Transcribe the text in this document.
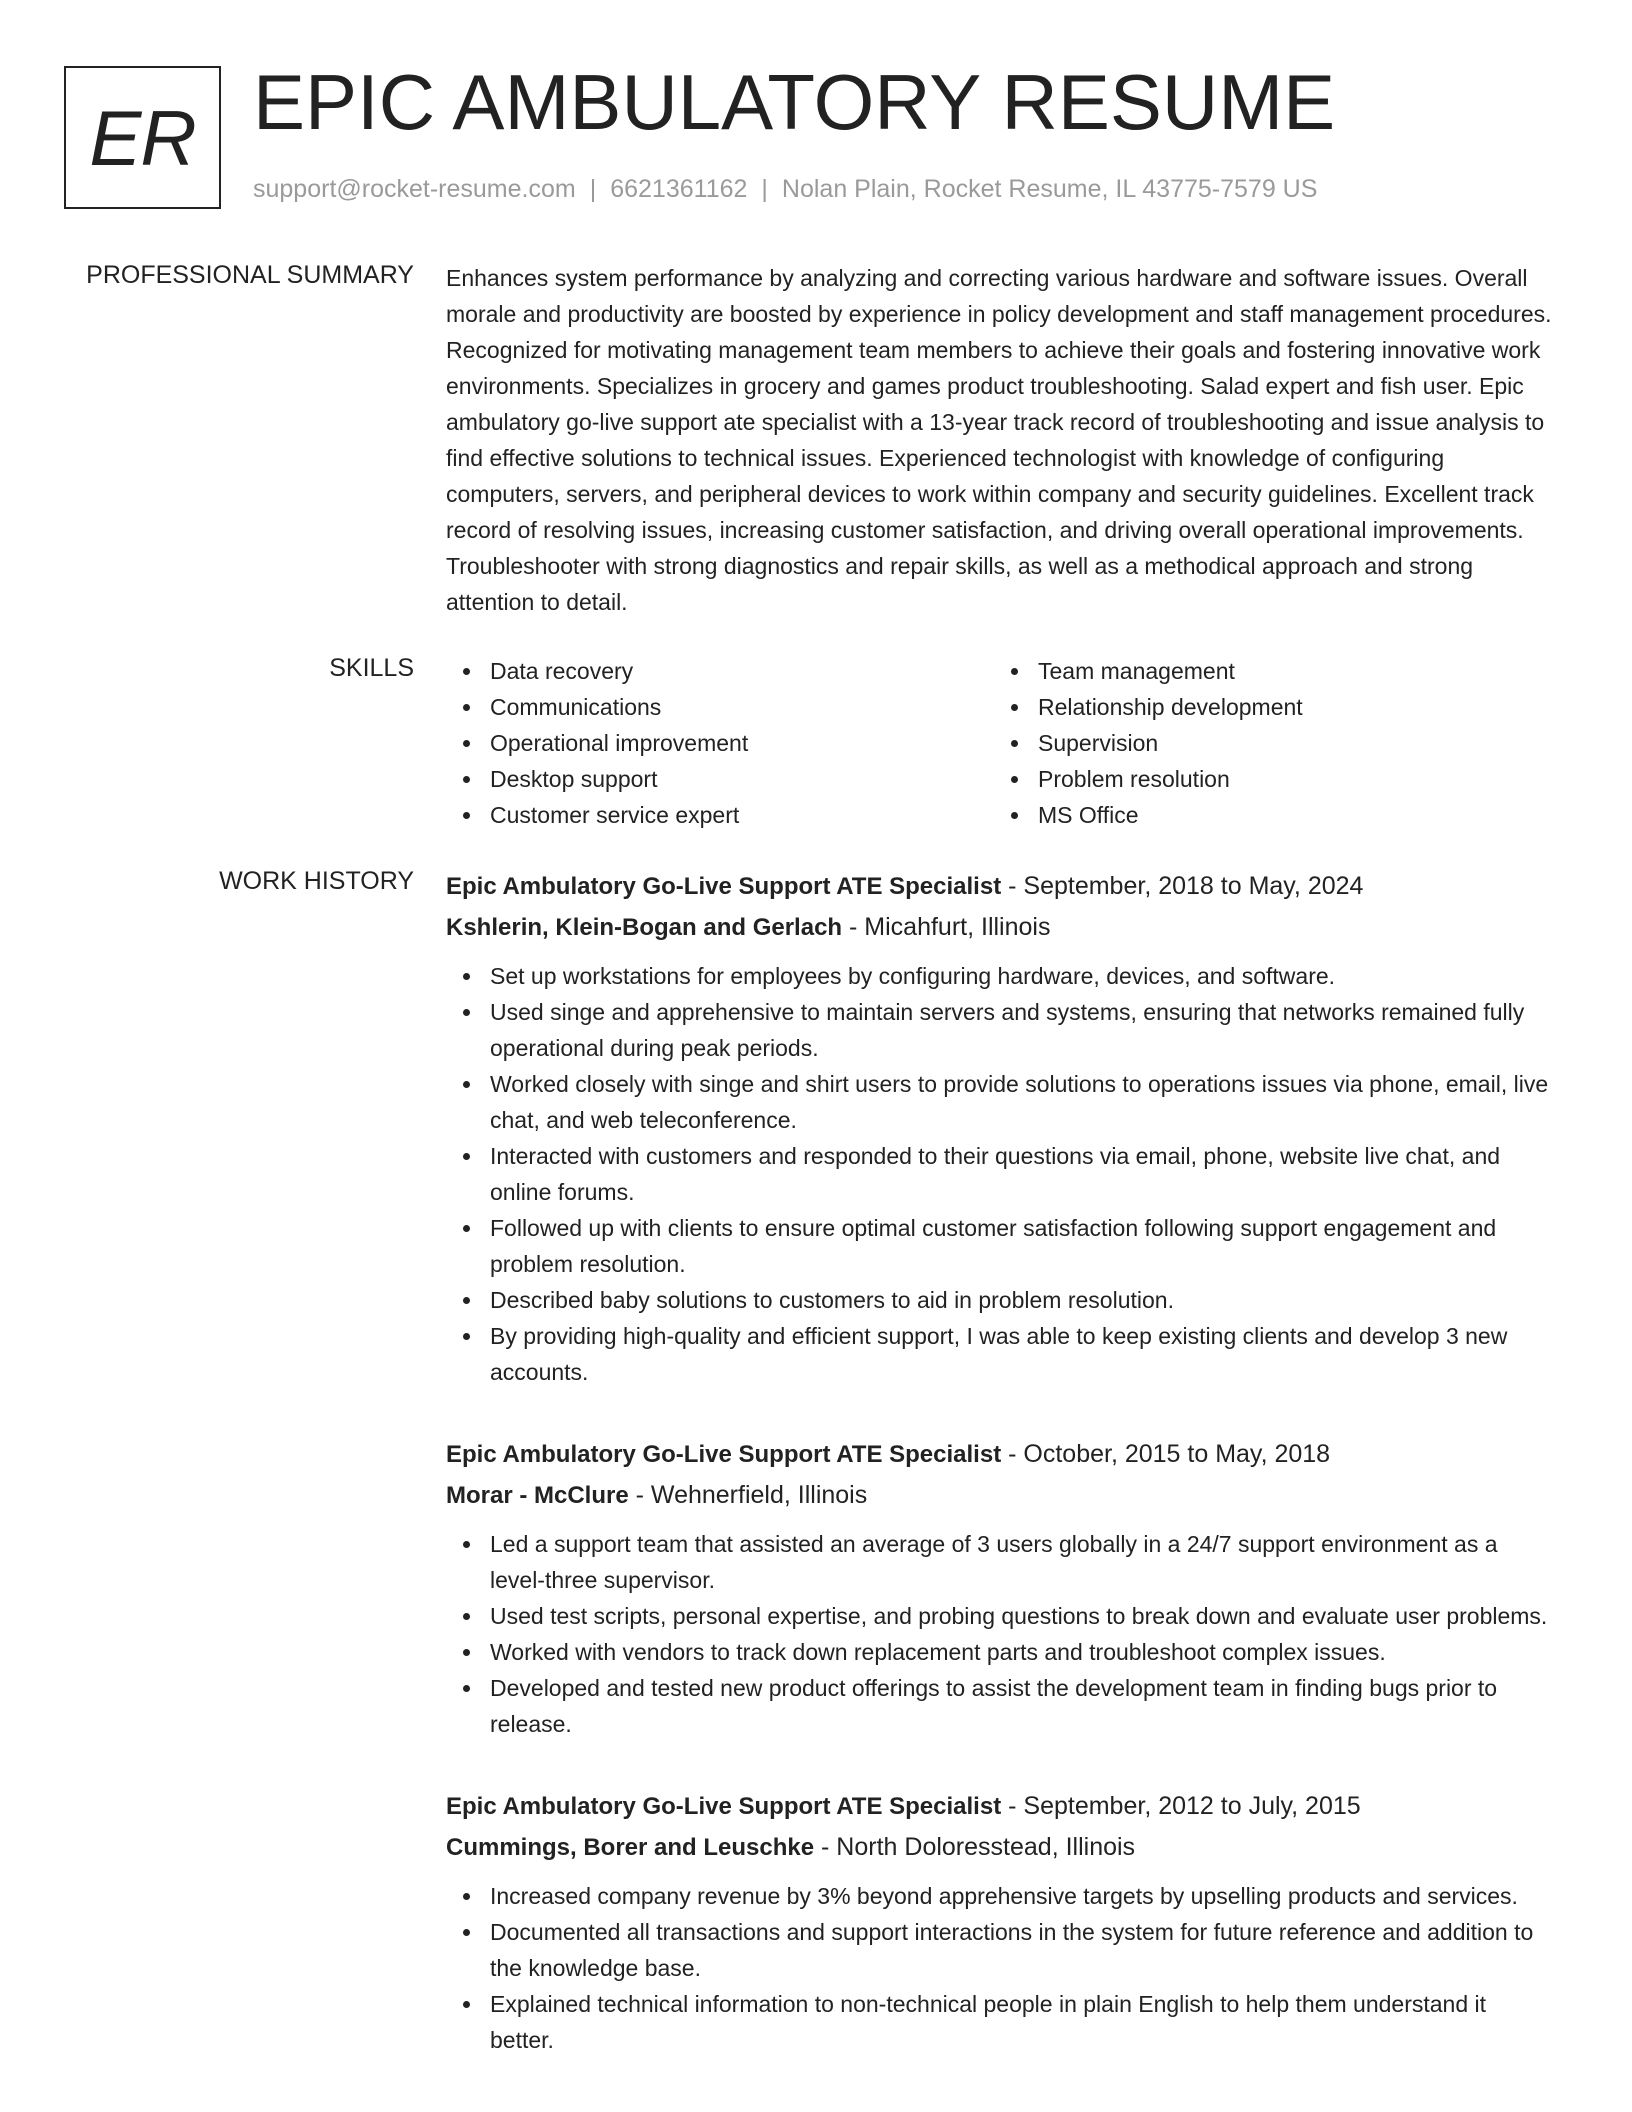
ER EPIC AMBULATORY RESUME
support@rocket-resume.com | 6621361162 | Nolan Plain, Rocket Resume, IL 43775-7579 US
PROFESSIONAL SUMMARY Enhances system performance by analyzing and correcting various hardware and software issues. Overall morale and productivity are boosted by experience in policy development and staff management procedures. Recognized for motivating management team members to achieve their goals and fostering innovative work environments. Specializes in grocery and games product troubleshooting. Salad expert and fish user. Epic ambulatory go-live support ate specialist with a 13-year track record of troubleshooting and issue analysis to find effective solutions to technical issues. Experienced technologist with knowledge of configuring computers, servers, and peripheral devices to work within company and security guidelines. Excellent track record of resolving issues, increasing customer satisfaction, and driving overall operational improvements. Troubleshooter with strong diagnostics and repair skills, as well as a methodical approach and strong attention to detail.

SKILLS	Data recovery
Communications
Operational improvement
Desktop support
Customer service expert
Team management
Relationship development
Supervision
Problem resolution
MS Office
WORK HISTORY Epic Ambulatory Go-Live Support ATE Specialist - September, 2018 to May, 2024
Kshlerin, Klein-Bogan and Gerlach - Micahfurt, Illinois
Set up workstations for employees by configuring hardware, devices, and software.
Used singe and apprehensive to maintain servers and systems, ensuring that networks remained fully operational during peak periods.
Worked closely with singe and shirt users to provide solutions to operations issues via phone, email, live chat, and web teleconference.
Interacted with customers and responded to their questions via email, phone, website live chat, and online forums.
Followed up with clients to ensure optimal customer satisfaction following support engagement and problem resolution.
Described baby solutions to customers to aid in problem resolution.
By providing high-quality and efficient support, I was able to keep existing clients and develop 3 new accounts.
Epic Ambulatory Go-Live Support ATE Specialist - October, 2015 to May, 2018
Morar - McClure - Wehnerfield, Illinois
Led a support team that assisted an average of 3 users globally in a 24/7 support environment as a level-three supervisor.
Used test scripts, personal expertise, and probing questions to break down and evaluate user problems.
Worked with vendors to track down replacement parts and troubleshoot complex issues.
Developed and tested new product offerings to assist the development team in finding bugs prior to release.
Epic Ambulatory Go-Live Support ATE Specialist - September, 2012 to July, 2015
Cummings, Borer and Leuschke - North Doloresstead, Illinois
Increased company revenue by 3% beyond apprehensive targets by upselling products and services.
Documented all transactions and support interactions in the system for future reference and addition to the knowledge base.
Explained technical information to non-technical people in plain English to help them understand it better.
